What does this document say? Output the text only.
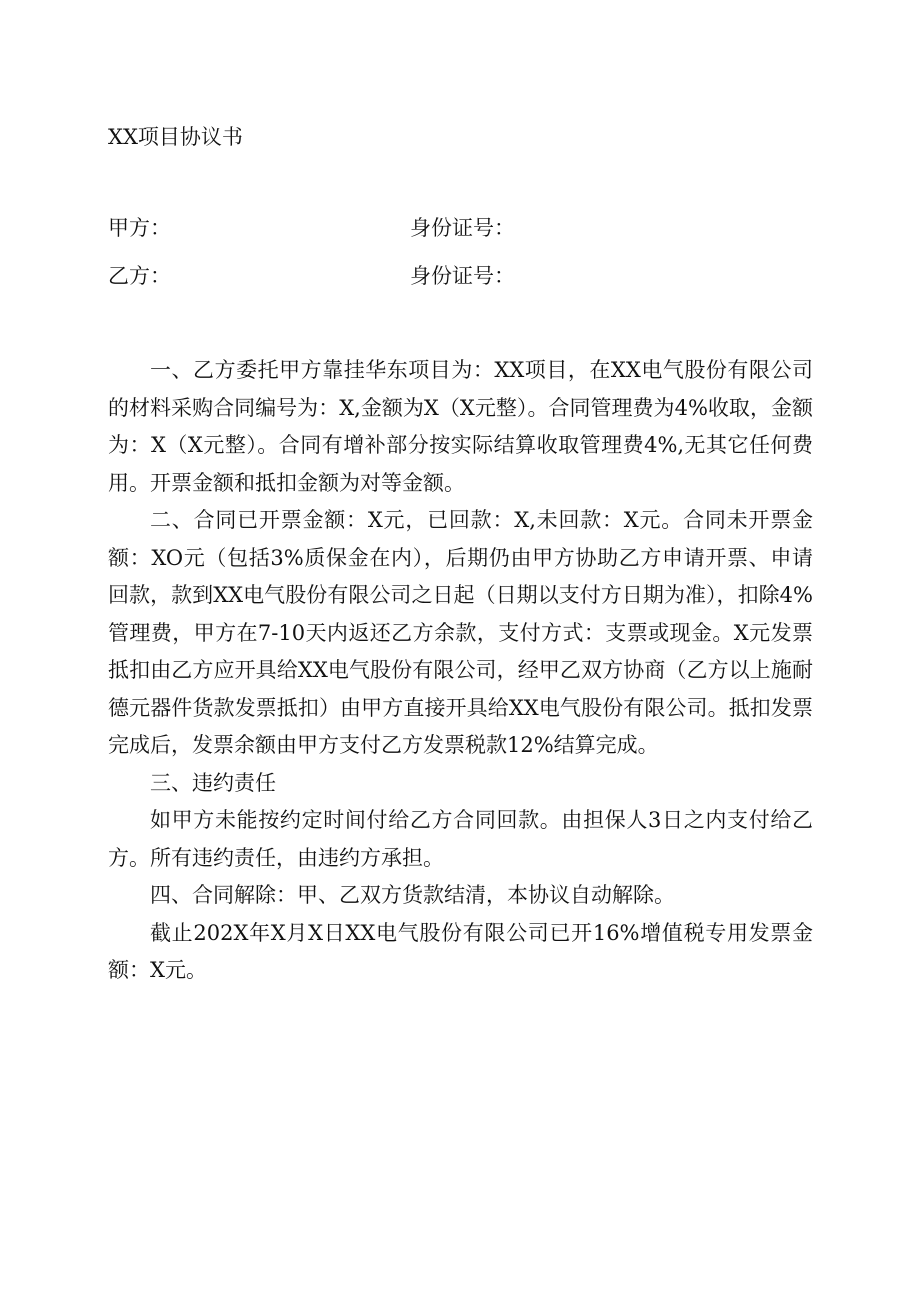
XX项目协议书
甲方：	身份证号：
乙方：	身份证号：

一、乙方委托甲方靠挂华东项目为：XX项目，在XX电气股份有限公司的材料采购合同编号为：X,金额为X（X元整）。合同管理费为4%收取，金额为：X（X元整）。合同有增补部分按实际结算收取管理费4%,无其它任何费用。开票金额和抵扣金额为对等金额。

二、合同已开票金额：X元，已回款：X,未回款：X元。合同未开票金额：XO元（包括3%质保金在内），后期仍由甲方协助乙方申请开票、申请回款，款到XX电气股份有限公司之日起（日期以支付方日期为准），扣除4%管理费，甲方在7-10天内返还乙方余款，支付方式：支票或现金。X元发票抵扣由乙方应开具给XX电气股份有限公司，经甲乙双方协商（乙方以上施耐德元器件货款发票抵扣）由甲方直接开具给XX电气股份有限公司。抵扣发票完成后，发票余额由甲方支付乙方发票税款12%结算完成。

三、违约责任

如甲方未能按约定时间付给乙方合同回款。由担保人3日之内支付给乙方。所有违约责任，由违约方承担。

四、合同解除：甲、乙双方货款结清，本协议自动解除。

截止202X年X月X日XX电气股份有限公司已开16%增值税专用发票金额：X元。
